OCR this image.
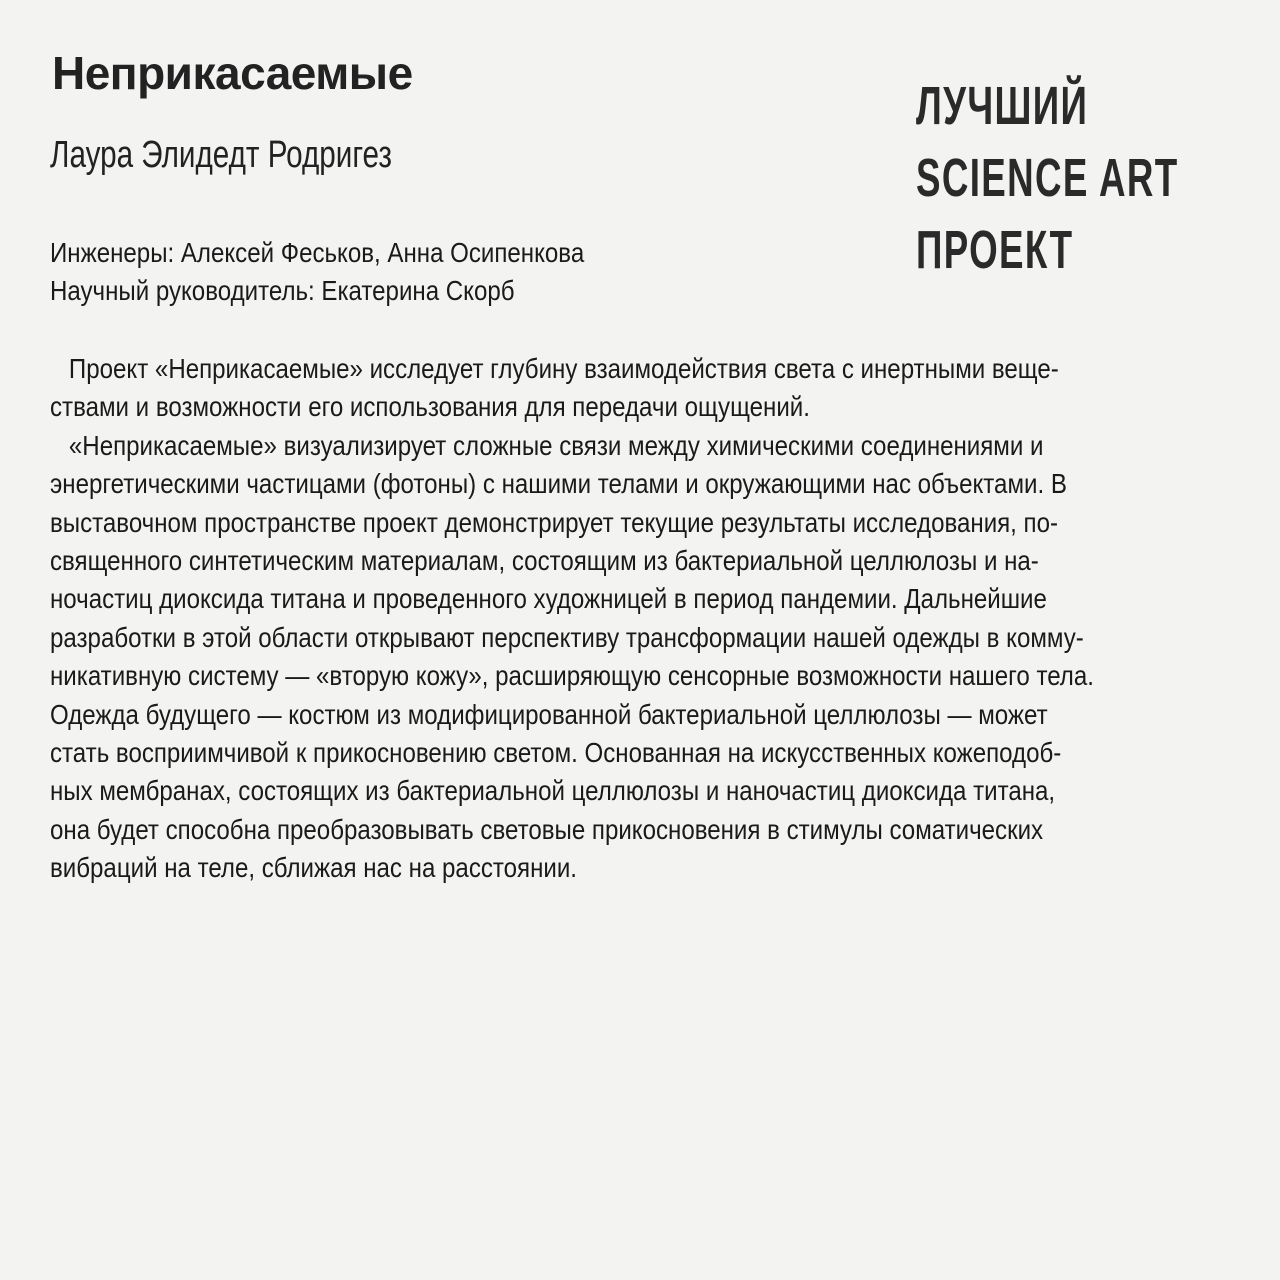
Неприкасаемые
Лаура Элидедт Родригез
Инженеры: Алексей Феськов, Анна Осипенкова
Научный руководитель: Екатерина Скорб
ЛУЧШИЙ
SCIENCE ART
ПРОЕКТ
Проект «Неприкасаемые» исследует глубину взаимодействия света с инертными веще-
ствами и возможности его использования для передачи ощущений.
«Неприкасаемые» визуализирует сложные связи между химическими соединениями и
энергетическими частицами (фотоны) с нашими телами и окружающими нас объектами. В
выставочном пространстве проект демонстрирует текущие результаты исследования, по-
священного синтетическим материалам, состоящим из бактериальной целлюлозы и на-
ночастиц диоксида титана и проведенного художницей в период пандемии. Дальнейшие
разработки в этой области открывают перспективу трансформации нашей одежды в комму-
никативную систему — «вторую кожу», расширяющую сенсорные возможности нашего тела.
Одежда будущего — костюм из модифицированной бактериальной целлюлозы — может
стать восприимчивой к прикосновению светом. Основанная на искусственных кожеподоб-
ных мембранах, состоящих из бактериальной целлюлозы и наночастиц диоксида титана,
она будет способна преобразовывать световые прикосновения в стимулы соматических
вибраций на теле, сближая нас на расстоянии.
